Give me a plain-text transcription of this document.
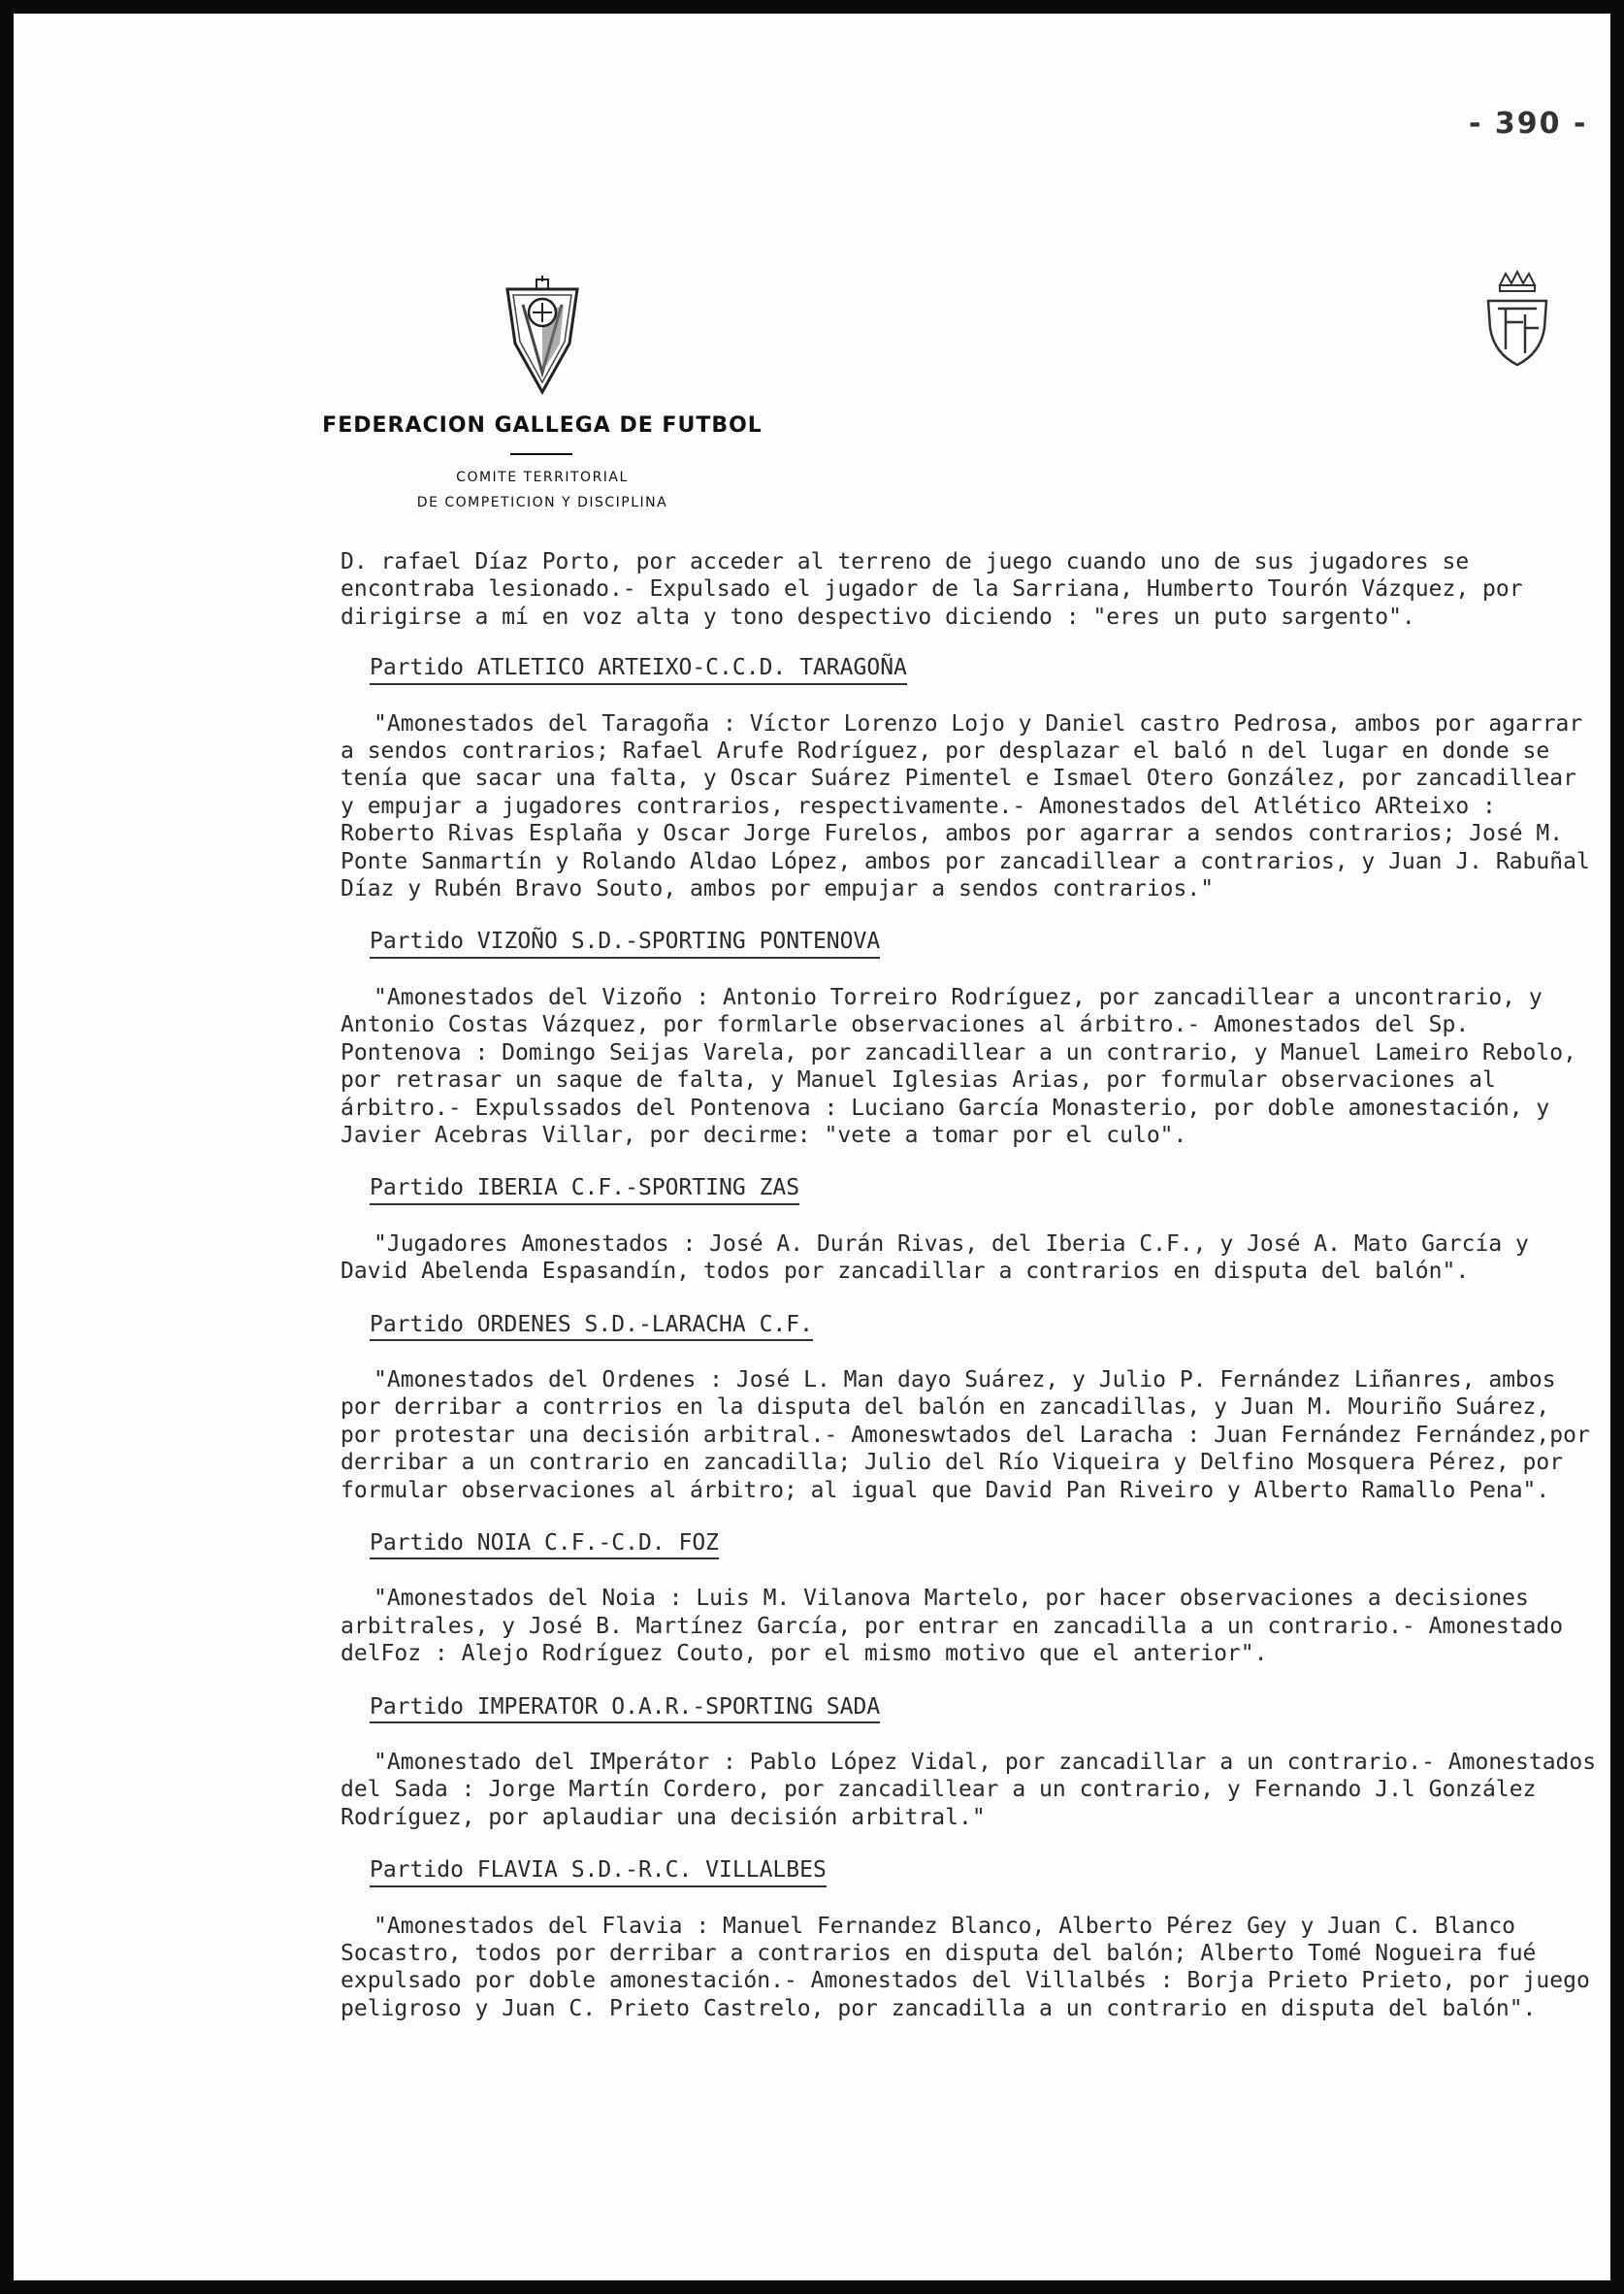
- 390 -
FEDERACION GALLEGA DE FUTBOL
COMITE TERRITORIAL
DE COMPETICION Y DISCIPLINA

D. rafael Díaz Porto, por acceder al terreno de juego cuando uno de sus jugadores se encontraba lesionado.- Expulsado el jugador de la Sarriana, Humberto Tourón Vázquez, por dirigirse a mí en voz alta y tono despectivo diciendo : "eres un puto sargento".

Partido ATLETICO ARTEIXO-C.C.D. TARAGOÑA

"Amonestados del Taragoña : Víctor Lorenzo Lojo y Daniel castro Pedrosa, ambos por agarrar a sendos contrarios; Rafael Arufe Rodríguez, por desplazar el baló n del lugar en donde se tenía que sacar una falta, y Oscar Suárez Pimentel e Ismael Otero González, por zancadillear y empujar a jugadores contrarios, respectivamente.- Amonestados del Atlético ARteixo : Roberto Rivas Esplaña y Oscar Jorge Furelos, ambos por agarrar a sendos contrarios; José M. Ponte Sanmartín y Rolando Aldao López, ambos por zancadillear a contrarios, y Juan J. Rabuñal Díaz y Rubén Bravo Souto, ambos por empujar a sendos contrarios."

Partido VIZOÑO S.D.-SPORTING PONTENOVA

"Amonestados del Vizoño : Antonio Torreiro Rodríguez, por zancadillear a uncontrario, y Antonio Costas Vázquez, por formlarle observaciones al árbitro.- Amonestados del Sp. Pontenova : Domingo Seijas Varela, por zancadillear a un contrario, y Manuel Lameiro Rebolo, por retrasar un saque de falta, y Manuel Iglesias Arias, por formular observaciones al árbitro.- Expulssados del Pontenova : Luciano García Monasterio, por doble amonestación, y Javier Acebras Villar, por decirme: "vete a tomar por el culo".

Partido IBERIA C.F.-SPORTING ZAS

"Jugadores Amonestados : José A. Durán Rivas, del Iberia C.F., y José A. Mato García y David Abelenda Espasandín, todos por zancadillar a contrarios en disputa del balón".

Partido ORDENES S.D.-LARACHA C.F.

"Amonestados del Ordenes : José L. Man dayo Suárez, y Julio P. Fernández Liñanres, ambos por derribar a contrrios en la disputa del balón en zancadillas, y Juan M. Mouriño Suárez, por protestar una decisión arbitral.- Amoneswtados del Laracha : Juan Fernández Fernández,por derribar a un contrario en zancadilla; Julio del Río Viqueira y Delfino Mosquera Pérez, por formular observaciones al árbitro; al igual que David Pan Riveiro y Alberto Ramallo Pena".

Partido NOIA C.F.-C.D. FOZ

"Amonestados del Noia : Luis M. Vilanova Martelo, por hacer observaciones a decisiones arbitrales, y José B. Martínez García, por entrar en zancadilla a un contrario.- Amonestado delFoz : Alejo Rodríguez Couto, por el mismo motivo que el anterior".

Partido IMPERATOR O.A.R.-SPORTING SADA

"Amonestado del IMperátor : Pablo López Vidal, por zancadillar a un contrario.- Amonestados del Sada : Jorge Martín Cordero, por zancadillear a un contrario, y Fernando J.l González Rodríguez, por aplaudiar una decisión arbitral."

Partido FLAVIA S.D.-R.C. VILLALBES

"Amonestados del Flavia : Manuel Fernandez Blanco, Alberto Pérez Gey y Juan C. Blanco Socastro, todos por derribar a contrarios en disputa del balón; Alberto Tomé Nogueira fué expulsado por doble amonestación.- Amonestados del Villalbés : Borja Prieto Prieto, por juego peligroso y Juan C. Prieto Castrelo, por zancadilla a un contrario en disputa del balón".
